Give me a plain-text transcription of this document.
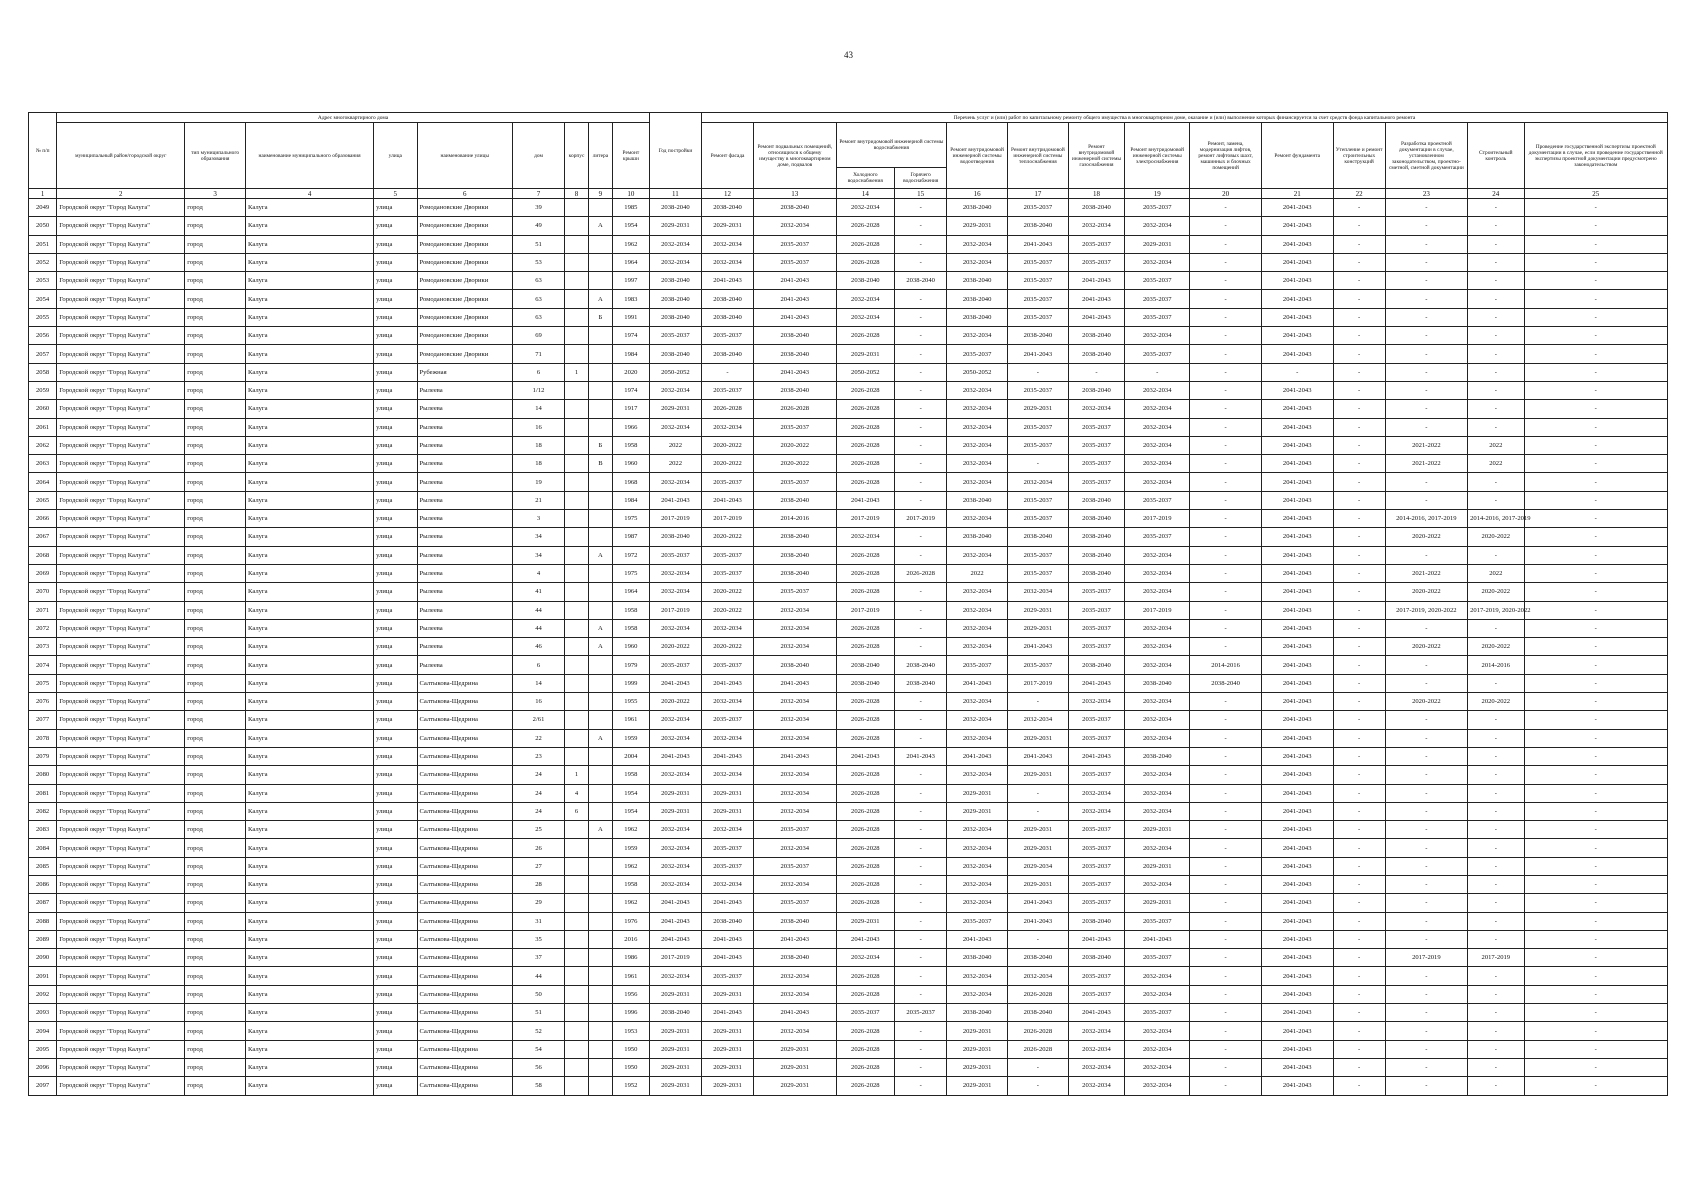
43
№ п/п	Адрес многоквартирного дома									Год постройки	Перечень услуг и (или) работ по капитальному ремонту общего имущества в многоквартирном доме, оказание и (или) выполнение которых финансируется за счет средств фонда капитального ремонта													
	муниципальный район/городской округ	тип муниципального образования	наименование муниципального образования	улица	наименование улицы	дом	корпус	литера	Ремонт крыши		Ремонт фасада	Ремонт подвальных помещений, относящихся к общему имуществу в многоквартирном доме, подвалов	Ремонт внутридомовой инженерной системы водоснабжения		Ремонт внутридомовой инженерной системы водоотведения	Ремонт внутридомовой инженерной системы теплоснабжения	Ремонт внутридомовой инженерной системы газоснабжения	Ремонт внутридомовой инженерной системы электроснабжения	Ремонт, замена, модернизация лифтов, ремонт лифтовых шахт, машинных и блочных помещений	Ремонт фундамента	Утепление и ремонт строительных конструкций	Разработка проектной документации в случае, установленном законодательством, проектно-сметной, сметной документации	Строительный контроль	Проведение государственной экспертизы проектной документации в случае, если проведение государственной экспертизы проектной документации предусмотрено законодательством
													Холодного водоснабжения	Горячего водоснабжения										
1	2	3	4	5	6	7	8	9	10	11	12	13	14	15	16	17	18	19	20	21	22	23	24	25
2049	Городской округ "Город Калуга"	город	Калуга	улица	Ромодановские Дворики	39			1985	2038-2040	2038-2040	2038-2040	2032-2034	-	2038-2040	2035-2037	2038-2040	2035-2037	-	2041-2043	-	-	-	-
2050	Городской округ "Город Калуга"	город	Калуга	улица	Ромодановские Дворики	49		А	1954	2029-2031	2029-2031	2032-2034	2026-2028	-	2029-2031	2038-2040	2032-2034	2032-2034	-	2041-2043	-	-	-	-
2051	Городской округ "Город Калуга"	город	Калуга	улица	Ромодановские Дворики	51			1962	2032-2034	2032-2034	2035-2037	2026-2028	-	2032-2034	2041-2043	2035-2037	2029-2031	-	2041-2043	-	-	-	-
2052	Городской округ "Город Калуга"	город	Калуга	улица	Ромодановские Дворики	53			1964	2032-2034	2032-2034	2035-2037	2026-2028	-	2032-2034	2035-2037	2035-2037	2032-2034	-	2041-2043	-	-	-	-
2053	Городской округ "Город Калуга"	город	Калуга	улица	Ромодановские Дворики	63			1997	2038-2040	2041-2043	2041-2043	2038-2040	2038-2040	2038-2040	2035-2037	2041-2043	2035-2037	-	2041-2043	-	-	-	-
2054	Городской округ "Город Калуга"	город	Калуга	улица	Ромодановские Дворики	63		А	1983	2038-2040	2038-2040	2041-2043	2032-2034	-	2038-2040	2035-2037	2041-2043	2035-2037	-	2041-2043	-	-	-	-
2055	Городской округ "Город Калуга"	город	Калуга	улица	Ромодановские Дворики	63		Б	1991	2038-2040	2038-2040	2041-2043	2032-2034	-	2038-2040	2035-2037	2041-2043	2035-2037	-	2041-2043	-	-	-	-
2056	Городской округ "Город Калуга"	город	Калуга	улица	Ромодановские Дворики	69			1974	2035-2037	2035-2037	2038-2040	2026-2028	-	2032-2034	2038-2040	2038-2040	2032-2034	-	2041-2043	-	-	-	-
2057	Городской округ "Город Калуга"	город	Калуга	улица	Ромодановские Дворики	71			1984	2038-2040	2038-2040	2038-2040	2029-2031	-	2035-2037	2041-2043	2038-2040	2035-2037	-	2041-2043	-	-	-	-
2058	Городской округ "Город Калуга"	город	Калуга	улица	Рубежная	6	1		2020	2050-2052	-	2041-2043	2050-2052	-	2050-2052	-	-	-	-	-	-	-	-	-
2059	Городской округ "Город Калуга"	город	Калуга	улица	Рылеева	1/12			1974	2032-2034	2035-2037	2038-2040	2026-2028	-	2032-2034	2035-2037	2038-2040	2032-2034	-	2041-2043	-	-	-	-
2060	Городской округ "Город Калуга"	город	Калуга	улица	Рылеева	14			1917	2029-2031	2026-2028	2026-2028	2026-2028	-	2032-2034	2029-2031	2032-2034	2032-2034	-	2041-2043	-	-	-	-
2061	Городской округ "Город Калуга"	город	Калуга	улица	Рылеева	16			1966	2032-2034	2032-2034	2035-2037	2026-2028	-	2032-2034	2035-2037	2035-2037	2032-2034	-	2041-2043	-	-	-	-
2062	Городской округ "Город Калуга"	город	Калуга	улица	Рылеева	18		Б	1958	2022	2020-2022	2020-2022	2026-2028	-	2032-2034	2035-2037	2035-2037	2032-2034	-	2041-2043	-	2021-2022	2022	-
2063	Городской округ "Город Калуга"	город	Калуга	улица	Рылеева	18		В	1960	2022	2020-2022	2020-2022	2026-2028	-	2032-2034	-	2035-2037	2032-2034	-	2041-2043	-	2021-2022	2022	-
2064	Городской округ "Город Калуга"	город	Калуга	улица	Рылеева	19			1968	2032-2034	2035-2037	2035-2037	2026-2028	-	2032-2034	2032-2034	2035-2037	2032-2034	-	2041-2043	-	-	-	-
2065	Городской округ "Город Калуга"	город	Калуга	улица	Рылеева	21			1984	2041-2043	2041-2043	2038-2040	2041-2043	-	2038-2040	2035-2037	2038-2040	2035-2037	-	2041-2043	-	-	-	-
2066	Городской округ "Город Калуга"	город	Калуга	улица	Рылеева	3			1975	2017-2019	2017-2019	2014-2016	2017-2019	2017-2019	2032-2034	2035-2037	2038-2040	2017-2019	-	2041-2043	-	2014-2016, 2017-2019	2014-2016, 2017-2019	-
2067	Городской округ "Город Калуга"	город	Калуга	улица	Рылеева	34			1987	2038-2040	2020-2022	2038-2040	2032-2034	-	2038-2040	2038-2040	2038-2040	2035-2037	-	2041-2043	-	2020-2022	2020-2022	-
2068	Городской округ "Город Калуга"	город	Калуга	улица	Рылеева	34		А	1972	2035-2037	2035-2037	2038-2040	2026-2028	-	2032-2034	2035-2037	2038-2040	2032-2034	-	2041-2043	-	-	-	-
2069	Городской округ "Город Калуга"	город	Калуга	улица	Рылеева	4			1975	2032-2034	2035-2037	2038-2040	2026-2028	2026-2028	2022	2035-2037	2038-2040	2032-2034	-	2041-2043	-	2021-2022	2022	-
2070	Городской округ "Город Калуга"	город	Калуга	улица	Рылеева	41			1964	2032-2034	2020-2022	2035-2037	2026-2028	-	2032-2034	2032-2034	2035-2037	2032-2034	-	2041-2043	-	2020-2022	2020-2022	-
2071	Городской округ "Город Калуга"	город	Калуга	улица	Рылеева	44			1958	2017-2019	2020-2022	2032-2034	2017-2019	-	2032-2034	2029-2031	2035-2037	2017-2019	-	2041-2043	-	2017-2019, 2020-2022	2017-2019, 2020-2022	-
2072	Городской округ "Город Калуга"	город	Калуга	улица	Рылеева	44		А	1958	2032-2034	2032-2034	2032-2034	2026-2028	-	2032-2034	2029-2031	2035-2037	2032-2034	-	2041-2043	-	-	-	-
2073	Городской округ "Город Калуга"	город	Калуга	улица	Рылеева	46		А	1960	2020-2022	2020-2022	2032-2034	2026-2028	-	2032-2034	2041-2043	2035-2037	2032-2034	-	2041-2043	-	2020-2022	2020-2022	-
2074	Городской округ "Город Калуга"	город	Калуга	улица	Рылеева	6			1979	2035-2037	2035-2037	2038-2040	2038-2040	2038-2040	2035-2037	2035-2037	2038-2040	2032-2034	2014-2016	2041-2043	-	-	2014-2016	-
2075	Городской округ "Город Калуга"	город	Калуга	улица	Салтыкова-Щедрина	14			1999	2041-2043	2041-2043	2041-2043	2038-2040	2038-2040	2041-2043	2017-2019	2041-2043	2038-2040	2038-2040	2041-2043	-	-	-	-
2076	Городской округ "Город Калуга"	город	Калуга	улица	Салтыкова-Щедрина	16			1955	2020-2022	2032-2034	2032-2034	2026-2028	-	2032-2034	-	2032-2034	2032-2034	-	2041-2043	-	2020-2022	2020-2022	-
2077	Городской округ "Город Калуга"	город	Калуга	улица	Салтыкова-Щедрина	2/61			1961	2032-2034	2035-2037	2032-2034	2026-2028	-	2032-2034	2032-2034	2035-2037	2032-2034	-	2041-2043	-	-	-	-
2078	Городской округ "Город Калуга"	город	Калуга	улица	Салтыкова-Щедрина	22		А	1959	2032-2034	2032-2034	2032-2034	2026-2028	-	2032-2034	2029-2031	2035-2037	2032-2034	-	2041-2043	-	-	-	-
2079	Городской округ "Город Калуга"	город	Калуга	улица	Салтыкова-Щедрина	23			2004	2041-2043	2041-2043	2041-2043	2041-2043	2041-2043	2041-2043	2041-2043	2041-2043	2038-2040	-	2041-2043	-	-	-	-
2080	Городской округ "Город Калуга"	город	Калуга	улица	Салтыкова-Щедрина	24	1		1958	2032-2034	2032-2034	2032-2034	2026-2028	-	2032-2034	2029-2031	2035-2037	2032-2034	-	2041-2043	-	-	-	-
2081	Городской округ "Город Калуга"	город	Калуга	улица	Салтыкова-Щедрина	24	4		1954	2029-2031	2029-2031	2032-2034	2026-2028	-	2029-2031	-	2032-2034	2032-2034	-	2041-2043	-	-	-	-
2082	Городской округ "Город Калуга"	город	Калуга	улица	Салтыкова-Щедрина	24	6		1954	2029-2031	2029-2031	2032-2034	2026-2028	-	2029-2031	-	2032-2034	2032-2034	-	2041-2043	-	-	-	-
2083	Городской округ "Город Калуга"	город	Калуга	улица	Салтыкова-Щедрина	25		А	1962	2032-2034	2032-2034	2035-2037	2026-2028	-	2032-2034	2029-2031	2035-2037	2029-2031	-	2041-2043	-	-	-	-
2084	Городской округ "Город Калуга"	город	Калуга	улица	Салтыкова-Щедрина	26			1959	2032-2034	2035-2037	2032-2034	2026-2028	-	2032-2034	2029-2031	2035-2037	2032-2034	-	2041-2043	-	-	-	-
2085	Городской округ "Город Калуга"	город	Калуга	улица	Салтыкова-Щедрина	27			1962	2032-2034	2035-2037	2035-2037	2026-2028	-	2032-2034	2029-2034	2035-2037	2029-2031	-	2041-2043	-	-	-	-
2086	Городской округ "Город Калуга"	город	Калуга	улица	Салтыкова-Щедрина	28			1958	2032-2034	2032-2034	2032-2034	2026-2028	-	2032-2034	2029-2031	2035-2037	2032-2034	-	2041-2043	-	-	-	-
2087	Городской округ "Город Калуга"	город	Калуга	улица	Салтыкова-Щедрина	29			1962	2041-2043	2041-2043	2035-2037	2026-2028	-	2032-2034	2041-2043	2035-2037	2029-2031	-	2041-2043	-	-	-	-
2088	Городской округ "Город Калуга"	город	Калуга	улица	Салтыкова-Щедрина	31			1976	2041-2043	2038-2040	2038-2040	2029-2031	-	2035-2037	2041-2043	2038-2040	2035-2037	-	2041-2043	-	-	-	-
2089	Городской округ "Город Калуга"	город	Калуга	улица	Салтыкова-Щедрина	35			2016	2041-2043	2041-2043	2041-2043	2041-2043	-	2041-2043	-	2041-2043	2041-2043	-	2041-2043	-	-	-	-
2090	Городской округ "Город Калуга"	город	Калуга	улица	Салтыкова-Щедрина	37			1986	2017-2019	2041-2043	2038-2040	2032-2034	-	2038-2040	2038-2040	2038-2040	2035-2037	-	2041-2043	-	2017-2019	2017-2019	-
2091	Городской округ "Город Калуга"	город	Калуга	улица	Салтыкова-Щедрина	44			1961	2032-2034	2035-2037	2032-2034	2026-2028	-	2032-2034	2032-2034	2035-2037	2032-2034	-	2041-2043	-	-	-	-
2092	Городской округ "Город Калуга"	город	Калуга	улица	Салтыкова-Щедрина	50			1956	2029-2031	2029-2031	2032-2034	2026-2028	-	2032-2034	2026-2028	2035-2037	2032-2034	-	2041-2043	-	-	-	-
2093	Городской округ "Город Калуга"	город	Калуга	улица	Салтыкова-Щедрина	51			1996	2038-2040	2041-2043	2041-2043	2035-2037	2035-2037	2038-2040	2038-2040	2041-2043	2035-2037	-	2041-2043	-	-	-	-
2094	Городской округ "Город Калуга"	город	Калуга	улица	Салтыкова-Щедрина	52			1953	2029-2031	2029-2031	2032-2034	2026-2028	-	2029-2031	2026-2028	2032-2034	2032-2034	-	2041-2043	-	-	-	-
2095	Городской округ "Город Калуга"	город	Калуга	улица	Салтыкова-Щедрина	54			1950	2029-2031	2029-2031	2029-2031	2026-2028	-	2029-2031	2026-2028	2032-2034	2032-2034	-	2041-2043	-	-	-	-
2096	Городской округ "Город Калуга"	город	Калуга	улица	Салтыкова-Щедрина	56			1950	2029-2031	2029-2031	2029-2031	2026-2028	-	2029-2031	-	2032-2034	2032-2034	-	2041-2043	-	-	-	-
2097	Городской округ "Город Калуга"	город	Калуга	улица	Салтыкова-Щедрина	58			1952	2029-2031	2029-2031	2029-2031	2026-2028	-	2029-2031	-	2032-2034	2032-2034	-	2041-2043	-	-	-	-
